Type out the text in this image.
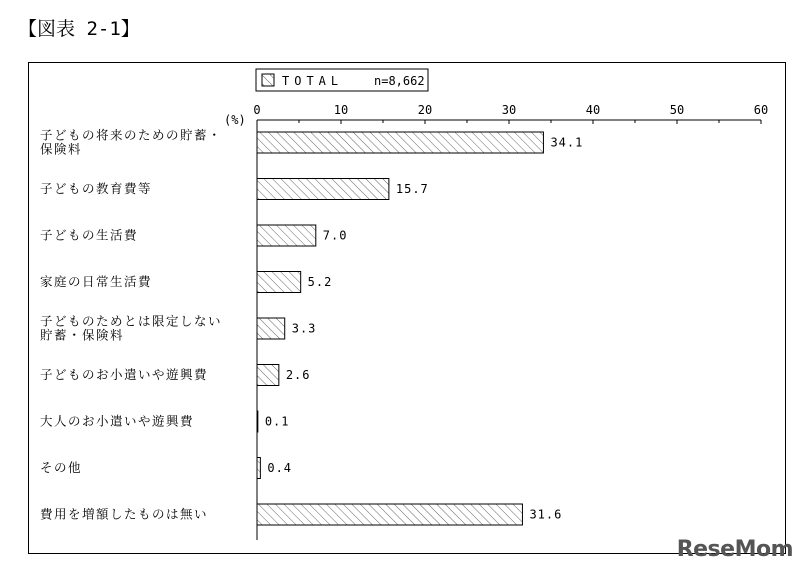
【図表 2-1】
TOTAL	n=8,662
(%)
0	10	20	30	40	50	60
子どもの将来のための貯蓄・
保険料
子どもの教育費等
子どもの生活費
家庭の日常生活費
子どものためとは限定しない
貯蓄・保険料
子どものお小遣いや遊興費
大人のお小遣いや遊興費
その他
費用を増額したものは無い
34.1
15.7
7.0
5.2
3.3
2.6
0.1
0.4
31.6
ReseMom
